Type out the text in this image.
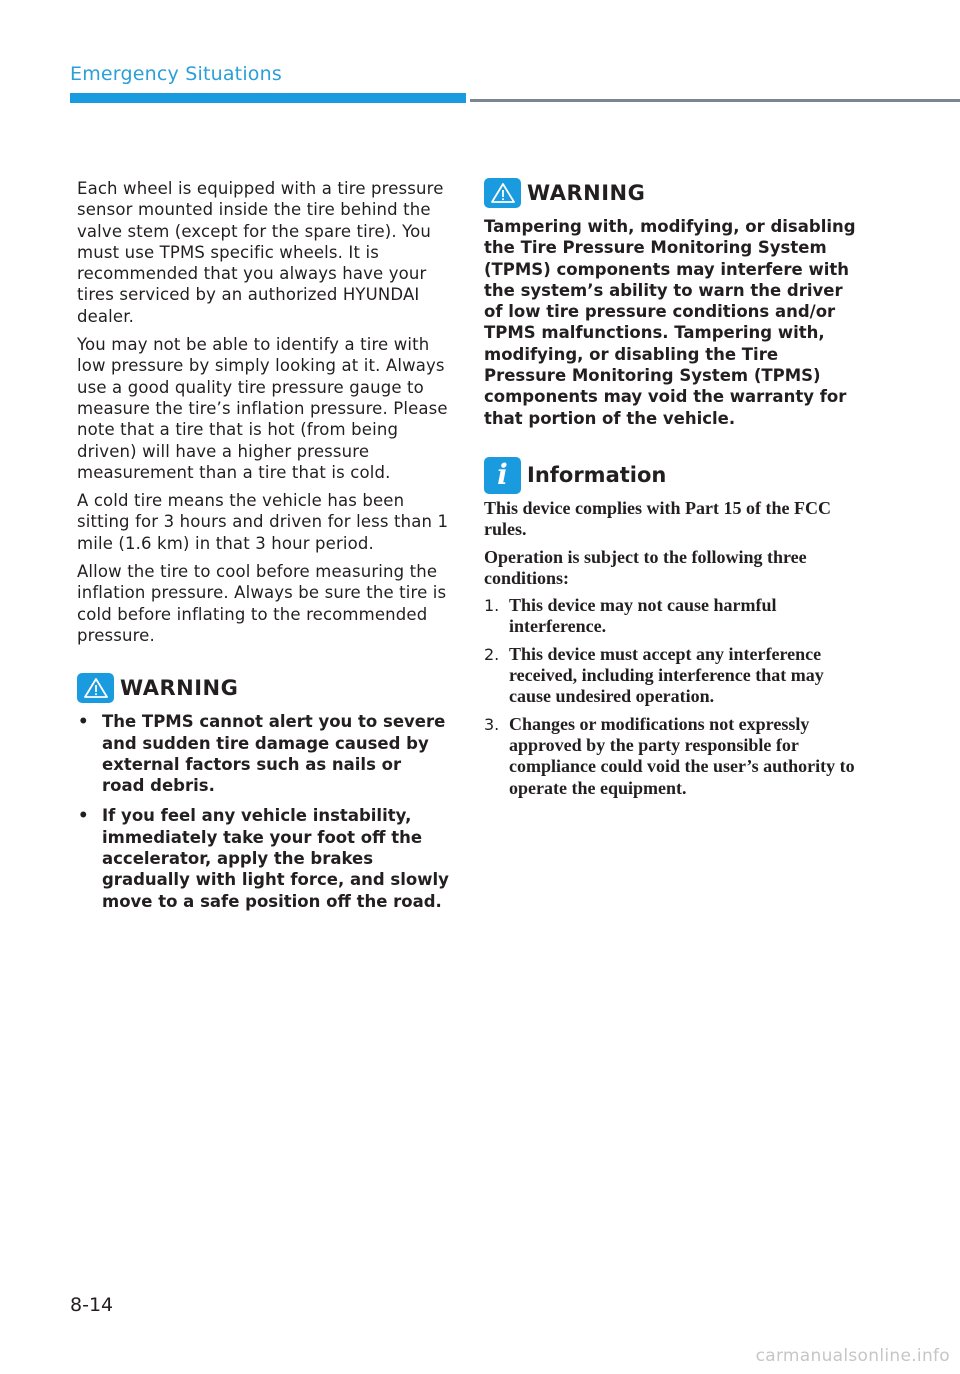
Emergency Situations

Each wheel is equipped with a tire pressure sensor mounted inside the tire behind the valve stem (except for the spare tire). You must use TPMS specific wheels. It is recommended that you always have your tires serviced by an authorized HYUNDAI dealer.

You may not be able to identify a tire with low pressure by simply looking at it. Always use a good quality tire pressure gauge to measure the tire’s inflation pressure. Please note that a tire that is hot (from being driven) will have a higher pressure measurement than a tire that is cold.

A cold tire means the vehicle has been sitting for 3 hours and driven for less than 1 mile (1.6 km) in that 3 hour period.

Allow the tire to cool before measuring the inflation pressure. Always be sure the tire is cold before inflating to the recommended pressure.

WARNING
• The TPMS cannot alert you to severe and sudden tire damage caused by external factors such as nails or road debris.
• If you feel any vehicle instability, immediately take your foot off the accelerator, apply the brakes gradually with light force, and slowly move to a safe position off the road.
WARNING

Tampering with, modifying, or disabling the Tire Pressure Monitoring System (TPMS) components may interfere with the system’s ability to warn the driver of low tire pressure conditions and/or TPMS malfunctions. Tampering with, modifying, or disabling the Tire Pressure Monitoring System (TPMS) components may void the warranty for that portion of the vehicle.

i Information

This device complies with Part 15 of the FCC rules.

Operation is subject to the following three conditions:

1. This device may not cause harmful interference.
2. This device must accept any interference received, including interference that may cause undesired operation.
3. Changes or modifications not expressly approved by the party responsible for compliance could void the user’s authority to operate the equipment.
8-14
carmanualsonline.info
